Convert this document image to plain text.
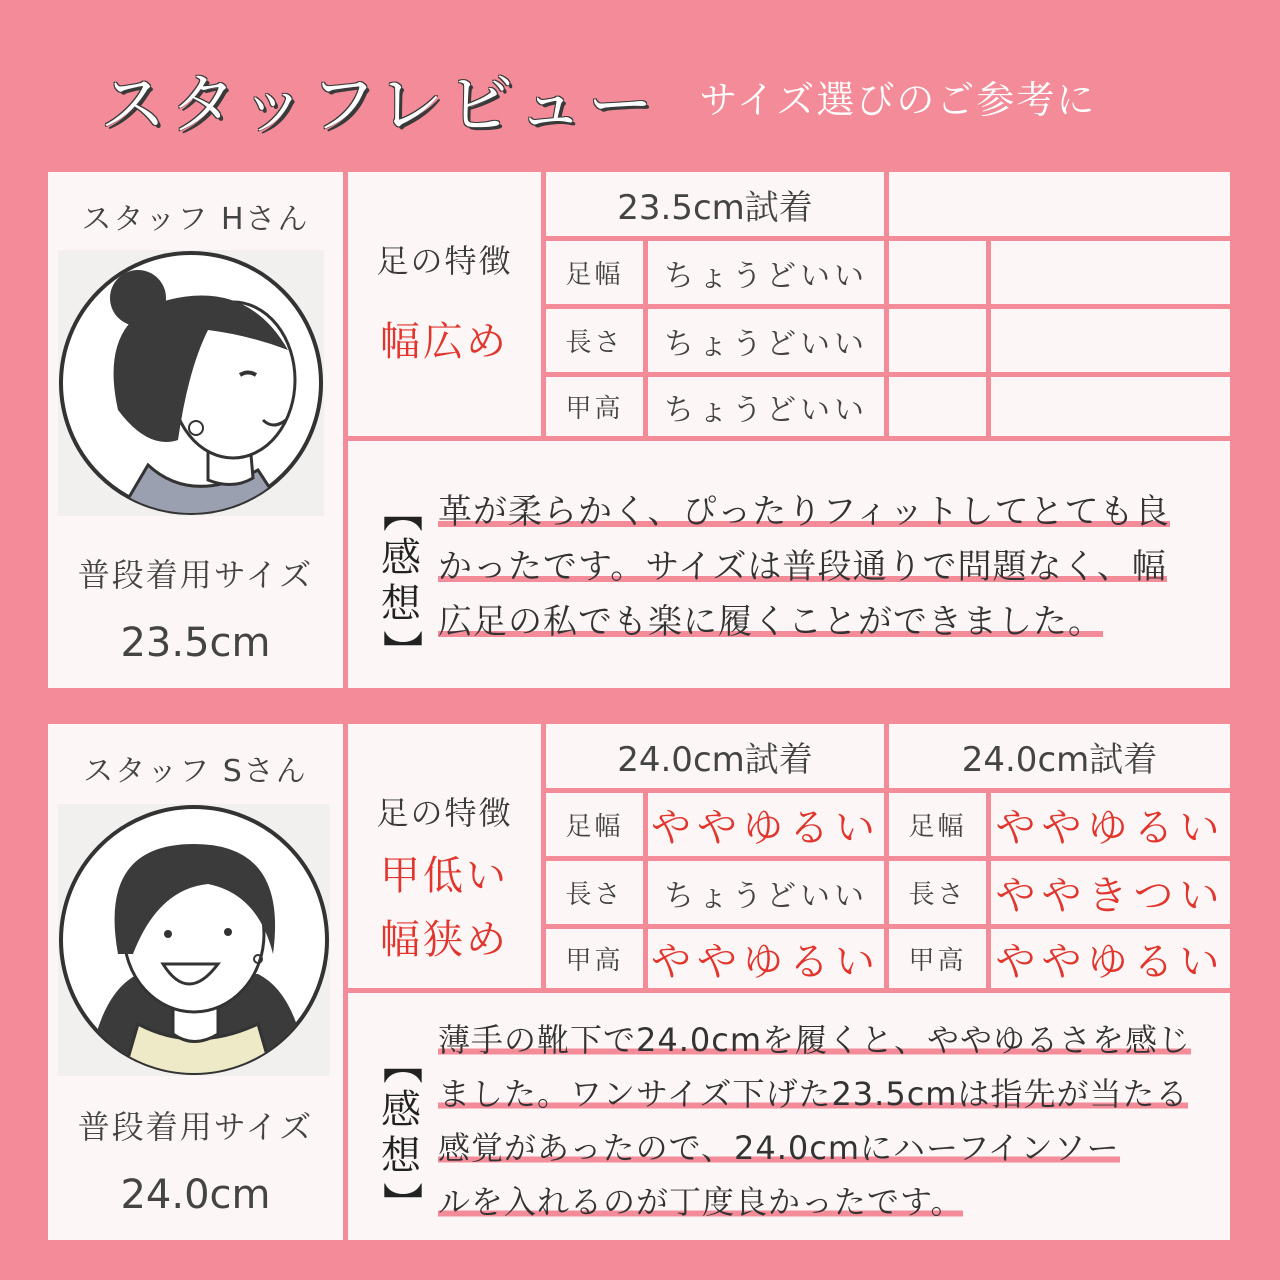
スタッフレビュー サイズ選びのご参考に
スタッフ Hさん
普段着用サイズ
23.5cm
足の特徴
幅広め
23.5cm試着
足幅	ちょうどいい
長さ	ちょうどいい
甲高	ちょうどいい
【
感
想
】
革が柔らかく、ぴったりフィットしてとても良
かったです。サイズは普段通りで問題なく、幅
広足の私でも楽に履くことができました。
スタッフ Sさん
普段着用サイズ
24.0cm
足の特徴
甲低い
幅狭め
24.0cm試着	24.0cm試着
足幅 ややゆるい	足幅 ややゆるい
長さ	ちょうどいい	長さ ややきつい
甲高 ややゆるい	甲高 ややゆるい
【
感
想
】
薄手の靴下で24.0cmを履くと、ややゆるさを感じ
ました。ワンサイズ下げた23.5cmは指先が当たる
感覚があったので、24.0cmにハーフインソー
ルを入れるのが丁度良かったです。
